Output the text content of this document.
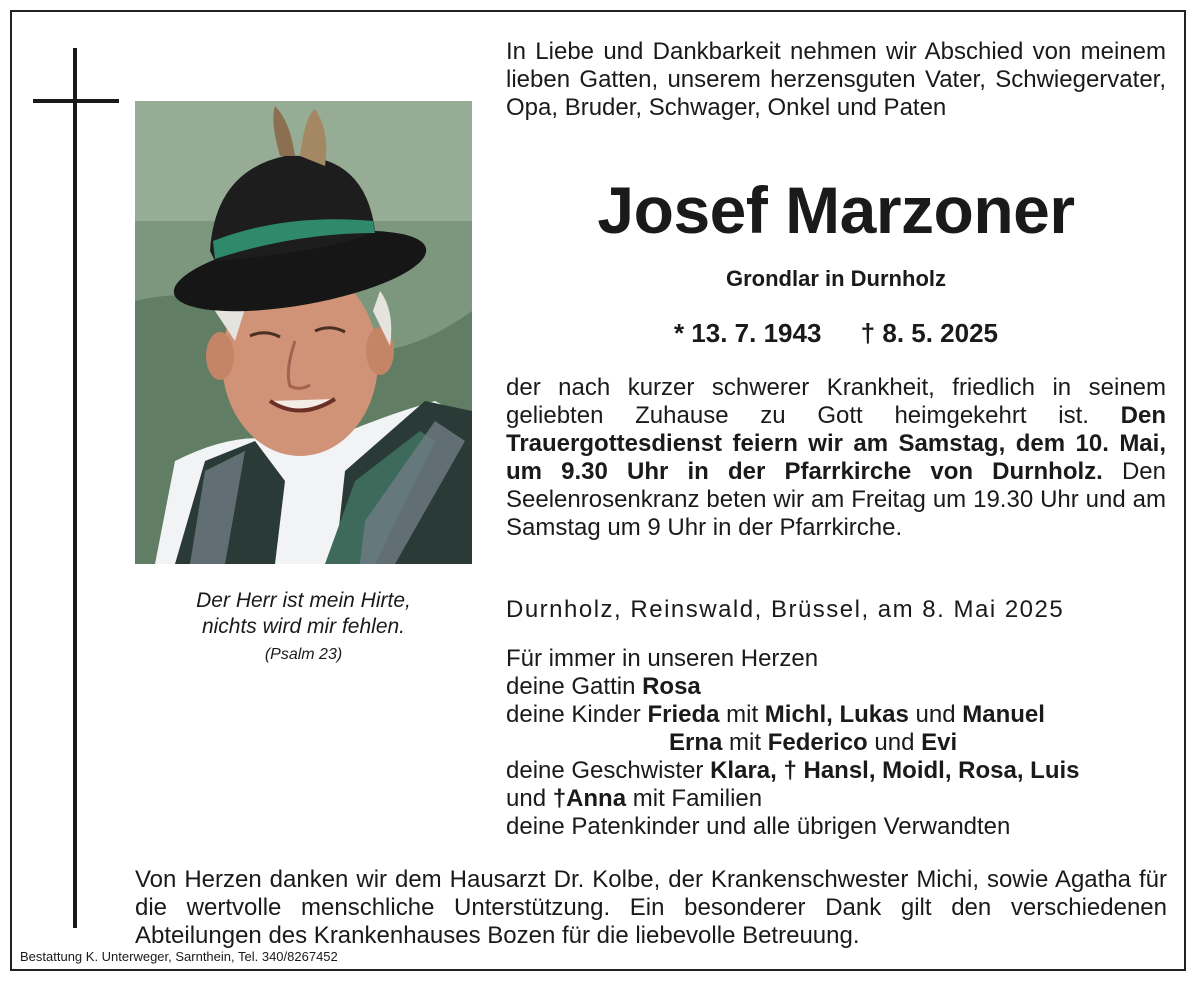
Der Herr ist mein Hirte,
nichts wird mir fehlen.
(Psalm 23)
In Liebe und Dankbarkeit nehmen wir Abschied von meinem lieben Gatten, unserem herzensguten Vater, Schwiegervater, Opa, Bruder, Schwager, Onkel und Paten
Josef Marzoner
Grondlar in Durnholz
* 13. 7. 1943 † 8. 5. 2025
der nach kurzer schwerer Krankheit, friedlich in seinem geliebten Zuhause zu Gott heimgekehrt ist. Den Trauergottesdienst feiern wir am Samstag, dem 10. Mai, um 9.30 Uhr in der Pfarrkirche von Durnholz. Den Seelenrosenkranz beten wir am Freitag um 19.30 Uhr und am Samstag um 9 Uhr in der Pfarrkirche.
Durnholz, Reinswald, Brüssel, am 8. Mai 2025
Für immer in unseren Herzen
deine Gattin Rosa
deine Kinder Frieda mit Michl, Lukas und Manuel
Erna mit Federico und Evi
deine Geschwister Klara, † Hansl, Moidl, Rosa, Luis
und †Anna mit Familien
deine Patenkinder und alle übrigen Verwandten
Von Herzen danken wir dem Hausarzt Dr. Kolbe, der Krankenschwester Michi, sowie Agatha für die wertvolle menschliche Unterstützung. Ein besonderer Dank gilt den verschiedenen Abteilungen des Krankenhauses Bozen für die liebevolle Betreuung.
Bestattung K. Unterweger, Sarnthein, Tel. 340/8267452
